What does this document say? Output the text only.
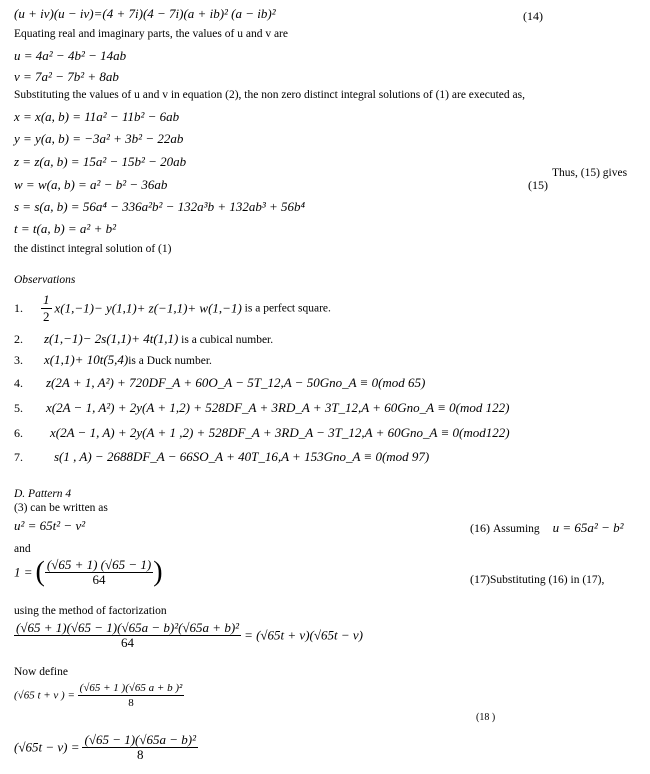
(u + iv)(u − iv)=(4 + 7i)(4 − 7i)(a + ib)² (a − ib)²	(14)
Equating real and imaginary parts, the values of u and v are
u = 4a² − 4b² − 14ab
v = 7a² − 7b² + 8ab
Substituting the values of u and v in equation (2), the non zero distinct integral solutions of (1) are executed as,
x = x(a, b) = 11a² − 11b² − 6ab
y = y(a, b) = −3a² + 3b² − 22ab
z = z(a, b) = 15a² − 15b² − 20ab
w = w(a, b) = a² − b² − 36ab
s = s(a, b) = 56a⁴ − 336a²b² − 132a³b + 132ab³ + 56b⁴
t = t(a, b) = a² + b²
(15)
Thus, (15) gives
the distinct integral solution of (1)
Observations
1. $\frac{1}{2} x(1,-1)- y(1,1)+ z(-1,1)+ w(1,-1)$ is a perfect square.
2. z(1,−1)− 2s(1,1)+ 4t(1,1) is a cubical number.
3. x(1,1)+ 10t(5,4)is a Duck number.
4. z(2A + 1, A²) + 720DF_A + 60O_A − 5T_12,A − 50Gno_A ≡ 0(mod 65)
5. x(2A − 1, A²) + 2y(A + 1,2) + 528DF_A + 3RD_A + 3T_12,A + 60Gno_A ≡ 0(mod 122)
6. x(2A − 1, A) + 2y(A + 1 ,2) + 528DF_A + 3RD_A − 3T_12,A + 60Gno_A ≡ 0(mod122)
7. s(1 , A) − 2688DF_A − 66SO_A + 40T_16,A + 153Gno_A ≡ 0(mod 97)
D. Pattern 4
(3) can be written as
u² = 65t² − v²	(16) Assuming u = 65a² − b²
and
1 = ( $\frac{(√65 + 1) (√65 - 1)}{64}$ )	(17)Substituting (16) in (17),
using the method of factorization
$\frac{\text{(√65 + 1)(√65 − 1)(√65a − b)²(√65a + b)²}}{64} = (√65t + v)(√65t - v)$
Now define
(√65 t + v ) = $\frac{\text{(√65 + 1 )(√65 a + b )²}}{8}$
(18 )
$(√65t - v) = \frac{\text{(√65 − 1)(√65a − b)²}}{8}$
